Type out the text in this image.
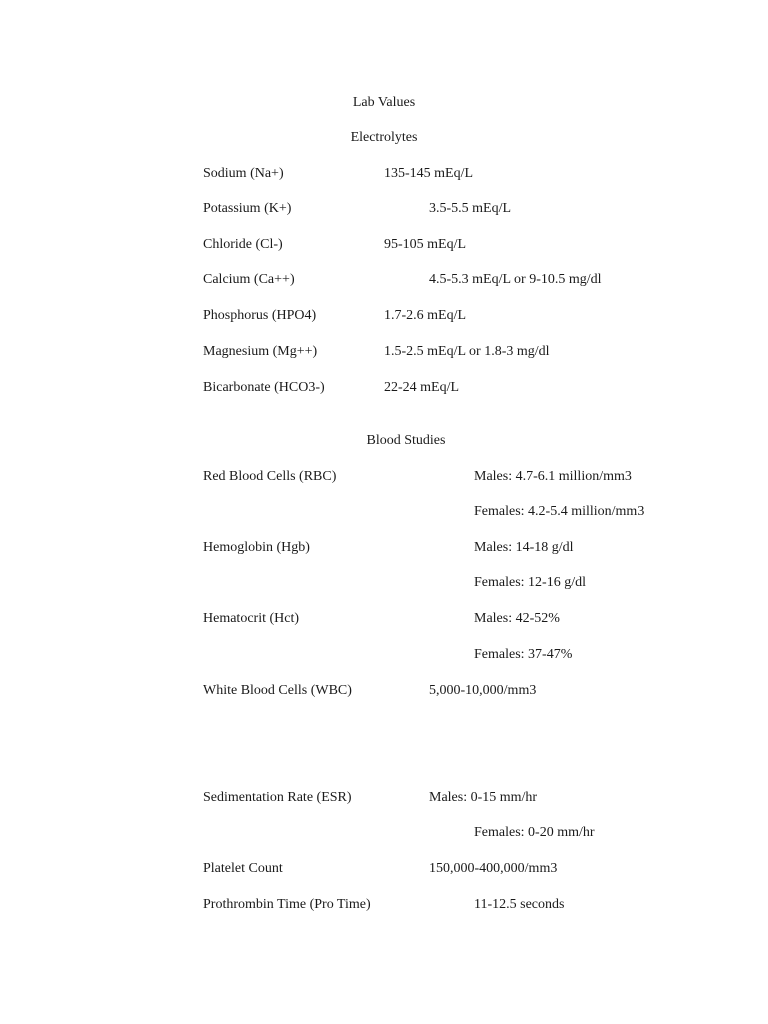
Lab Values
Electrolytes
Sodium (Na+)	135-145 mEq/L
Potassium (K+)	3.5-5.5 mEq/L
Chloride (Cl-)	95-105 mEq/L
Calcium (Ca++)	4.5-5.3 mEq/L or 9-10.5 mg/dl
Phosphorus (HPO4)	1.7-2.6 mEq/L
Magnesium (Mg++)	1.5-2.5 mEq/L or 1.8-3 mg/dl
Bicarbonate (HCO3-)	22-24 mEq/L
Blood Studies
Red Blood Cells (RBC)	Males: 4.7-6.1 million/mm3
Females: 4.2-5.4 million/mm3
Hemoglobin (Hgb)	Males: 14-18 g/dl
Females: 12-16 g/dl
Hematocrit (Hct)	Males: 42-52%
Females: 37-47%
White Blood Cells (WBC)	5,000-10,000/mm3
Sedimentation Rate (ESR)	Males: 0-15 mm/hr
Females: 0-20 mm/hr
Platelet Count	150,000-400,000/mm3
Prothrombin Time (Pro Time)	11-12.5 seconds
